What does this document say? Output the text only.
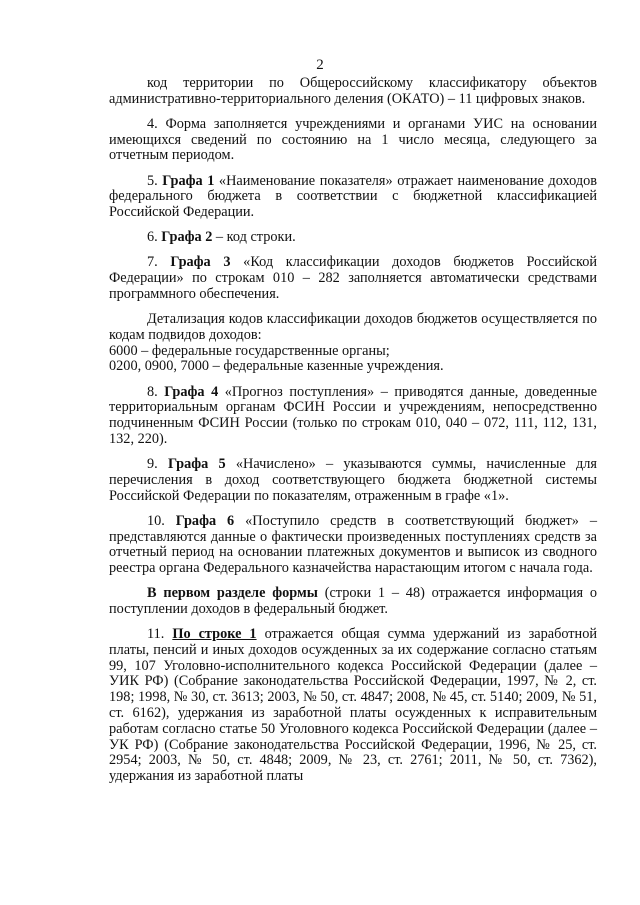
2

код территории по Общероссийскому классификатору объектов административно-территориального деления (ОКАТО) – 11 цифровых знаков.

4. Форма заполняется учреждениями и органами УИС на основании имеющихся сведений по состоянию на 1 число месяца, следующего за отчетным периодом.

5. Графа 1 «Наименование показателя» отражает наименование доходов федерального бюджета в соответствии с бюджетной классификацией Российской Федерации.

6. Графа 2 – код строки.

7. Графа 3 «Код классификации доходов бюджетов Российской Федерации» по строкам 010 – 282 заполняется автоматически средствами программного обеспечения.

Детализация кодов классификации доходов бюджетов осуществляется по кодам подвидов доходов:

6000 – федеральные государственные органы;

0200, 0900, 7000 – федеральные казенные учреждения.

8. Графа 4 «Прогноз поступления» – приводятся данные, доведенные территориальным органам ФСИН России и учреждениям, непосредственно подчиненным ФСИН России (только по строкам 010, 040 – 072, 111, 112, 131, 132, 220).

9. Графа 5 «Начислено» – указываются суммы, начисленные для перечисления в доход соответствующего бюджета бюджетной системы Российской Федерации по показателям, отраженным в графе «1».

10. Графа 6 «Поступило средств в соответствующий бюджет» – представляются данные о фактически произведенных поступлениях средств за отчетный период на основании платежных документов и выписок из сводного реестра органа Федерального казначейства нарастающим итогом с начала года.

В первом разделе формы (строки 1 – 48) отражается информация о поступлении доходов в федеральный бюджет.

11. По строке 1 отражается общая сумма удержаний из заработной платы, пенсий и иных доходов осужденных за их содержание согласно статьям 99, 107 Уголовно-исполнительного кодекса Российской Федерации (далее – УИК РФ) (Собрание законодательства Российской Федерации, 1997, № 2, ст. 198; 1998, № 30, ст. 3613; 2003, № 50, ст. 4847; 2008, № 45, ст. 5140; 2009, № 51, ст. 6162), удержания из заработной платы осужденных к исправительным работам согласно статье 50 Уголовного кодекса Российской Федерации (далее – УК РФ) (Собрание законодательства Российской Федерации, 1996, № 25, ст. 2954; 2003, № 50, ст. 4848; 2009, № 23, ст. 2761; 2011, № 50, ст. 7362), удержания из заработной платы
